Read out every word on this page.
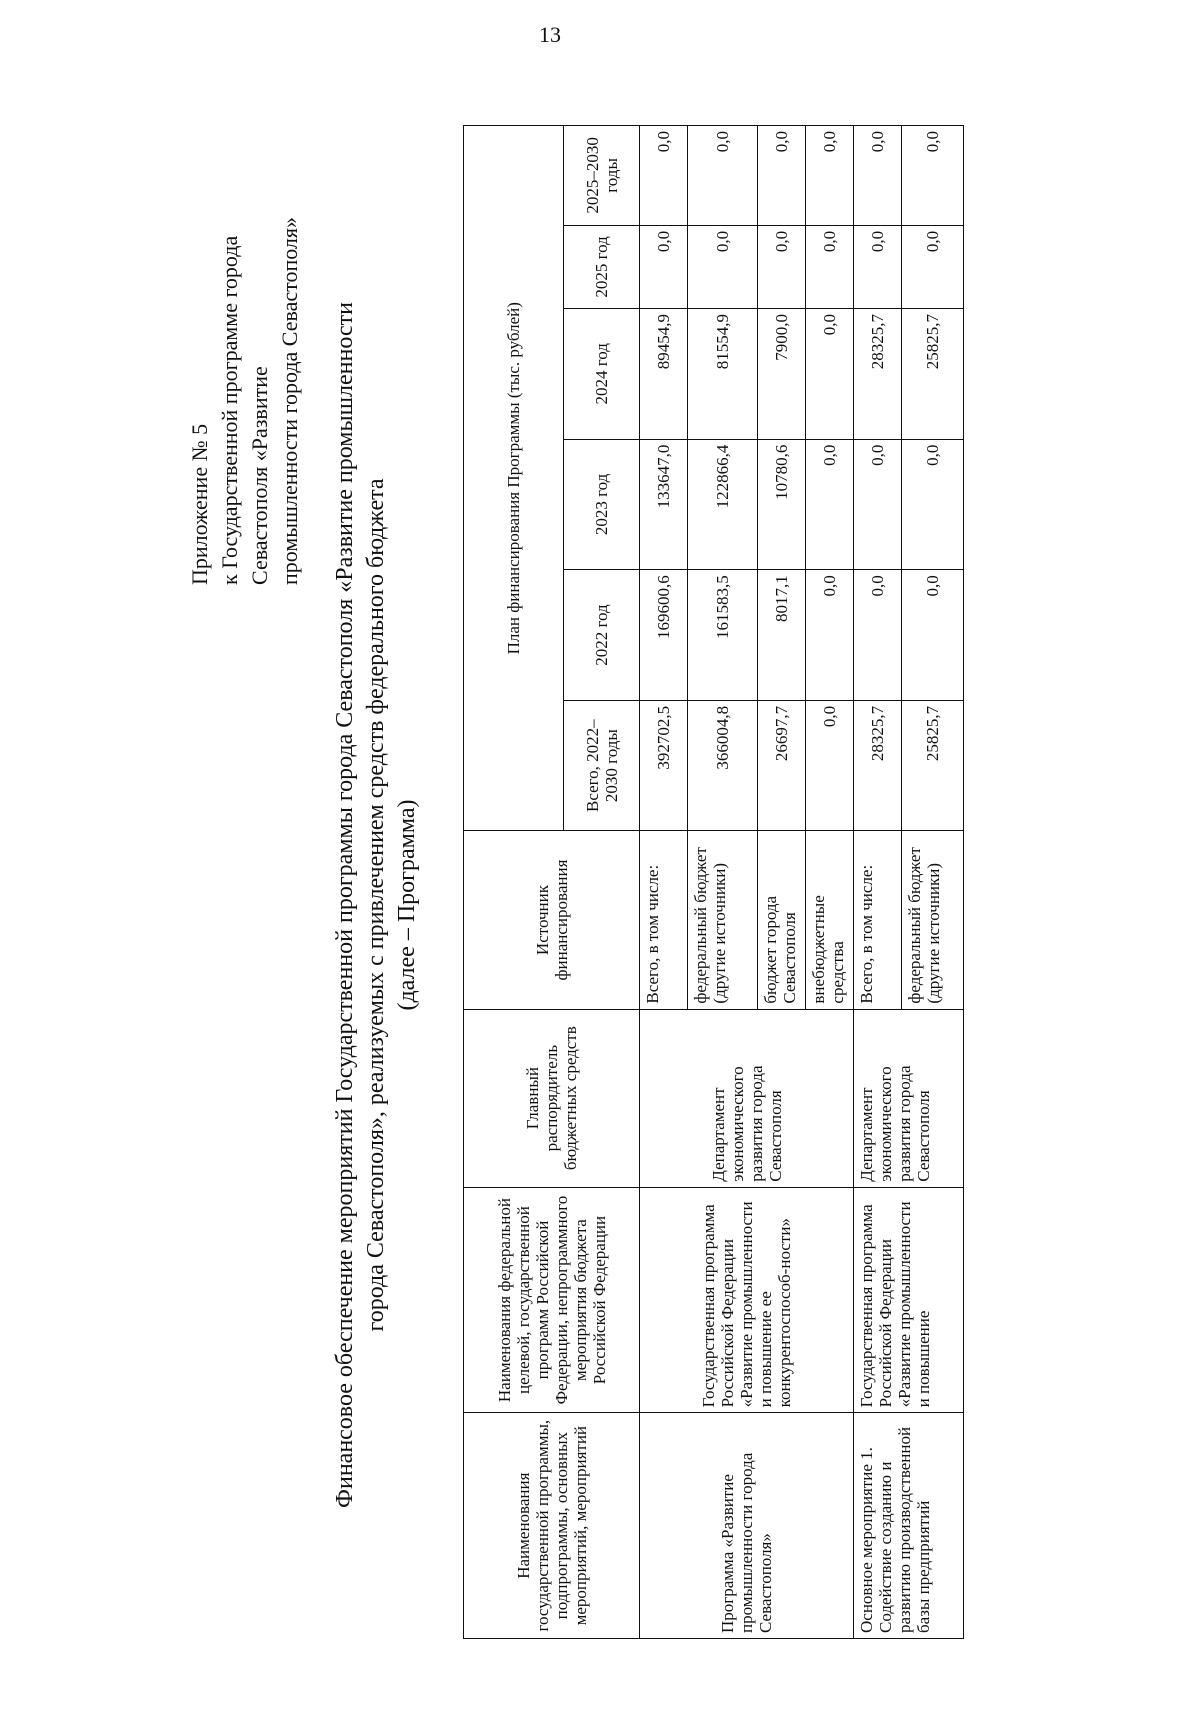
13
Приложение № 5 к Государственной программе города Севастополя «Развитие промышленности города Севастополя» Финансовое обеспечение мероприятий Государственной программы города Севастополя «Развитие промышленности города Севастополя», реализуемых с привлечением средств федерального бюджета (далее – Программа)
Наименования государственной программы, подпрограммы, основных мероприятий, мероприятий	Наименования федеральной целевой, государственной программ Российской Федерации, непрограммного мероприятия бюджета Российской Федерации	Главный распорядитель бюджетных средств	Источник финансирования	План финансирования Программы (тыс. рублей)					
				Всего, 2022–2030 годы	2022 год	2023 год	2024 год	2025 год	2025–2030 годы
Программа «Развитие промышленности города Севастополя»	Государственная программа Российской Федерации «Развитие промышленности и повышение ее конкурентоспособ-ности»	Департамент экономического развития города Севастополя	Всего, в том числе:	392702,5	169600,6	133647,0	89454,9	0,0	0,0
			федеральный бюджет (другие источники)	366004,8	161583,5	122866,4	81554,9	0,0	0,0
			бюджет города Севастополя	26697,7	8017,1	10780,6	7900,0	0,0	0,0
			внебюджетные средства	0,0	0,0	0,0	0,0	0,0	0,0
Основное мероприятие 1. Содействие созданию и развитию производственной базы предприятий	Государственная программа Российской Федерации «Развитие промышленности и повышение	Департамент экономического развития города Севастополя	Всего, в том числе:	28325,7	0,0	0,0	28325,7	0,0	0,0
			федеральный бюджет (другие источники)	25825,7	0,0	0,0	25825,7	0,0	0,0
